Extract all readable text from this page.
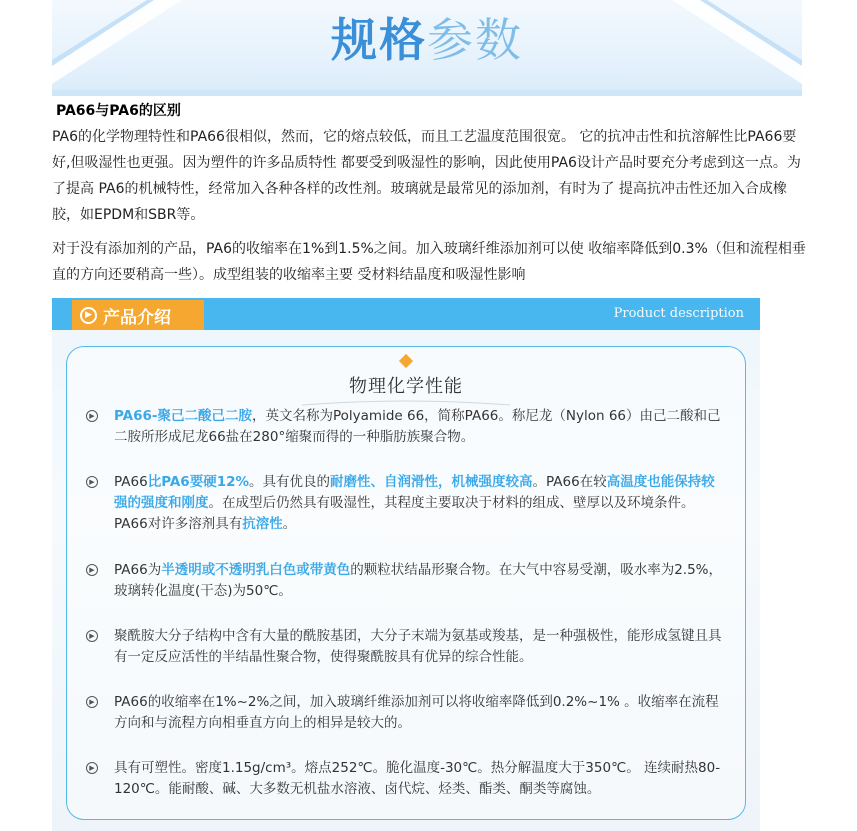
规格参数
PA66与PA6的区别
PA6的化学物理特性和PA66很相似，然而，它的熔点较低，而且工艺温度范围很宽。 它的抗冲击性和抗溶解性比PA66要好,但吸湿性也更强。因为塑件的许多品质特性 都要受到吸湿性的影响，因此使用PA6设计产品时要充分考虑到这一点。为了提高 PA6的机械特性，经常加入各种各样的改性剂。玻璃就是最常见的添加剂，有时为了 提高抗冲击性还加入合成橡胶，如EPDM和SBR等。
对于没有添加剂的产品，PA6的收缩率在1%到1.5%之间。加入玻璃纤维添加剂可以使 收缩率降低到0.3%（但和流程相垂直的方向还要稍高一些）。成型组装的收缩率主要 受材料结晶度和吸湿性影响
▶ 产品介绍	Product description
物理化学性能
▶ PA66-聚己二酸己二胺，英文名称为Polyamide 66，简称PA66。称尼龙（Nylon 66）由己二酸和己二胺所形成尼龙66盐在280°缩聚而得的一种脂肪族聚合物。
▶ PA66比PA6要硬12%。具有优良的耐磨性、自润滑性，机械强度较高。PA66在较高温度也能保持较强的强度和刚度。在成型后仍然具有吸湿性，其程度主要取决于材料的组成、壁厚以及环境条件。PA66对许多溶剂具有抗溶性。
▶ PA66为半透明或不透明乳白色或带黄色的颗粒状结晶形聚合物。在大气中容易受潮，吸水率为2.5%，玻璃转化温度(干态)为50℃。
▶ 聚酰胺大分子结构中含有大量的酰胺基团，大分子末端为氨基或羧基，是一种强极性，能形成氢键且具有一定反应活性的半结晶性聚合物，使得聚酰胺具有优异的综合性能。
▶ PA66的收缩率在1%~2%之间，加入玻璃纤维添加剂可以将收缩率降低到0.2%~1% 。收缩率在流程方向和与流程方向相垂直方向上的相异是较大的。
▶ 具有可塑性。密度1.15g/cm³。熔点252℃。脆化温度-30℃。热分解温度大于350℃。 连续耐热80-120℃。能耐酸、碱、大多数无机盐水溶液、卤代烷、烃类、酯类、酮类等腐蚀。
